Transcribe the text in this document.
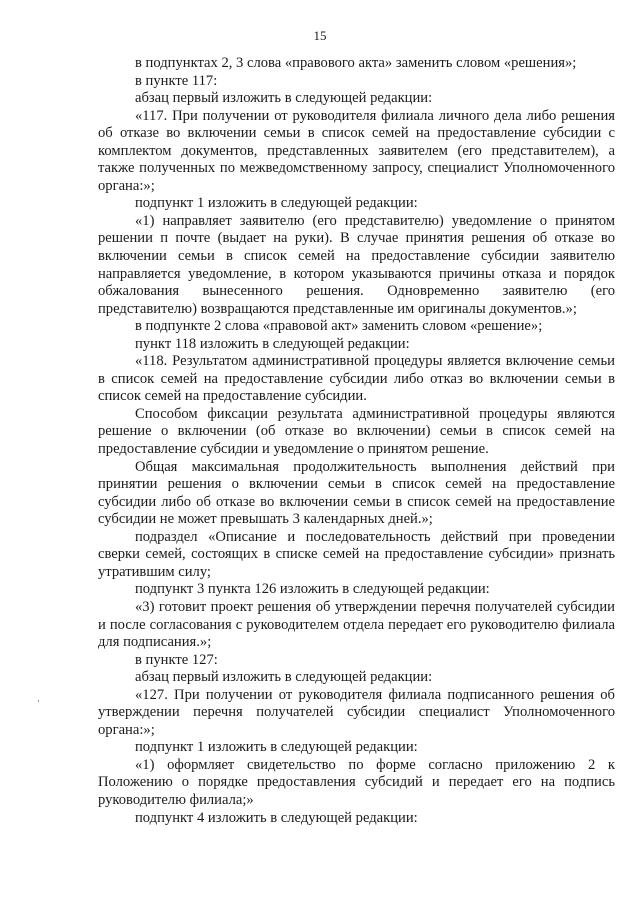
15

в подпунктах 2, 3 слова «правового акта» заменить словом «решения»;

в пункте 117:

абзац первый изложить в следующей редакции:

«117. При получении от руководителя филиала личного дела либо решения об отказе во включении семьи в список семей на предоставление субсидии с комплектом документов, представленных заявителем (его представителем), а также полученных по межведомственному запросу, специалист Уполномоченного органа:»;

подпункт 1 изложить в следующей редакции:

«1) направляет заявителю (его представителю) уведомление о принятом решении п почте (выдает на руки). В случае принятия решения об отказе во включении семьи в список семей на предоставление субсидии заявителю направляется уведомление, в котором указываются причины отказа и порядок обжалования вынесенного решения. Одновременно заявителю (его представителю) возвращаются представленные им оригиналы документов.»;

в подпункте 2 слова «правовой акт» заменить словом «решение»;

пункт 118 изложить в следующей редакции:

«118. Результатом административной процедуры является включение семьи в список семей на предоставление субсидии либо отказ во включении семьи в список семей на предоставление субсидии.

Способом фиксации результата административной процедуры являются решение о включении (об отказе во включении) семьи в список семей на предоставление субсидии и уведомление о принятом решение.

Общая максимальная продолжительность выполнения действий при принятии решения о включении семьи в список семей на предоставление субсидии либо об отказе во включении семьи в список семей на предоставление субсидии не может превышать 3 календарных дней.»;

подраздел «Описание и последовательность действий при проведении сверки семей, состоящих в списке семей на предоставление субсидии» признать утратившим силу;

подпункт 3 пункта 126 изложить в следующей редакции:

«3) готовит проект решения об утверждении перечня получателей субсидии и после согласования с руководителем отдела передает его руководителю филиала для подписания.»;

в пункте 127:

абзац первый изложить в следующей редакции:

«127. При получении от руководителя филиала подписанного решения об утверждении перечня получателей субсидии специалист Уполномоченного органа:»;

подпункт 1 изложить в следующей редакции:

«1) оформляет свидетельство по форме согласно приложению 2 к Положению о порядке предоставления субсидий и передает его на подпись руководителю филиала;»

подпункт 4 изложить в следующей редакции:
